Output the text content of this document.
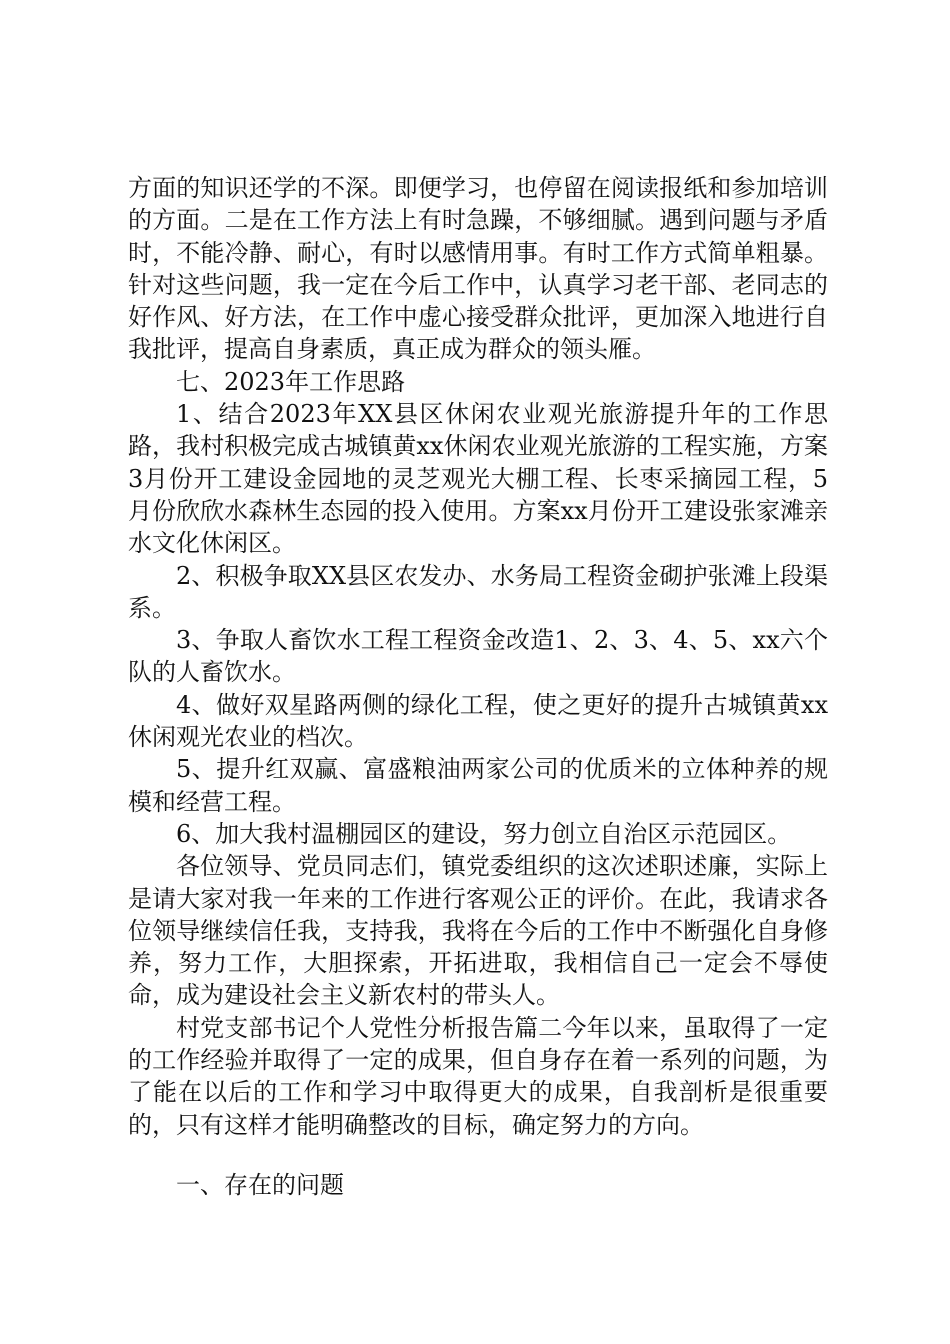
方面的知识还学的不深。即便学习，也停留在阅读报纸和参加培训的方面。二是在工作方法上有时急躁，不够细腻。遇到问题与矛盾时，不能冷静、耐心，有时以感情用事。有时工作方式简单粗暴。针对这些问题，我一定在今后工作中，认真学习老干部、老同志的好作风、好方法，在工作中虚心接受群众批评，更加深入地进行自我批评，提高自身素质，真正成为群众的领头雁。

七、2023年工作思路

1、结合2023年XX县区休闲农业观光旅游提升年的工作思路，我村积极完成古城镇黄xx休闲农业观光旅游的工程实施，方案3月份开工建设金园地的灵芝观光大棚工程、长枣采摘园工程，5月份欣欣水森林生态园的投入使用。方案xx月份开工建设张家滩亲水文化休闲区。

2、积极争取XX县区农发办、水务局工程资金砌护张滩上段渠系。

3、争取人畜饮水工程工程资金改造1、2、3、4、5、xx六个队的人畜饮水。

4、做好双星路两侧的绿化工程，使之更好的提升古城镇黄xx休闲观光农业的档次。

5、提升红双赢、富盛粮油两家公司的优质米的立体种养的规模和经营工程。

6、加大我村温棚园区的建设，努力创立自治区示范园区。

各位领导、党员同志们，镇党委组织的这次述职述廉，实际上是请大家对我一年来的工作进行客观公正的评价。在此，我请求各位领导继续信任我，支持我，我将在今后的工作中不断强化自身修养，努力工作，大胆探索，开拓进取，我相信自己一定会不辱使命，成为建设社会主义新农村的带头人。

村党支部书记个人党性分析报告篇二今年以来，虽取得了一定的工作经验并取得了一定的成果，但自身存在着一系列的问题，为了能在以后的工作和学习中取得更大的成果，自我剖析是很重要的，只有这样才能明确整改的目标，确定努力的方向。

一、存在的问题
